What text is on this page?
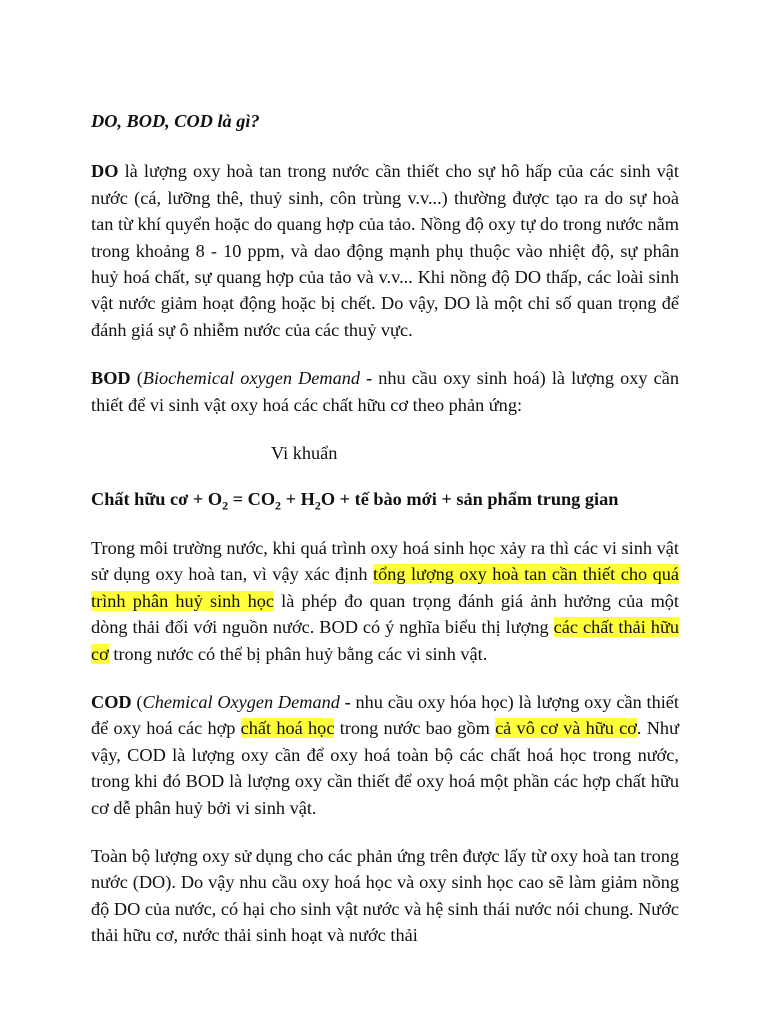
DO, BOD, COD là gì?

DO là lượng oxy hoà tan trong nước cần thiết cho sự hô hấp của các sinh vật nước (cá, lưỡng thê, thuỷ sinh, côn trùng v.v...) thường được tạo ra do sự hoà tan từ khí quyển hoặc do quang hợp của tảo. Nồng độ oxy tự do trong nước nằm trong khoảng 8 - 10 ppm, và dao động mạnh phụ thuộc vào nhiệt độ, sự phân huỷ hoá chất, sự quang hợp của tảo và v.v... Khi nồng độ DO thấp, các loài sinh vật nước giảm hoạt động hoặc bị chết. Do vậy, DO là một chỉ số quan trọng để đánh giá sự ô nhiễm nước của các thuỷ vực.

BOD (Biochemical oxygen Demand - nhu cầu oxy sinh hoá) là lượng oxy cần thiết để vi sinh vật oxy hoá các chất hữu cơ theo phản ứng:

Vi khuẩn

Chất hữu cơ + $O_2 = CO_2 + H_2O$ + tế bào mới + sản phẩm trung gian

Trong môi trường nước, khi quá trình oxy hoá sinh học xảy ra thì các vi sinh vật sử dụng oxy hoà tan, vì vậy xác định tổng lượng oxy hoà tan cần thiết cho quá trình phân huỷ sinh học là phép đo quan trọng đánh giá ảnh hưởng của một dòng thải đối với nguồn nước. BOD có ý nghĩa biểu thị lượng các chất thải hữu cơ trong nước có thể bị phân huỷ bằng các vi sinh vật.

COD (Chemical Oxygen Demand - nhu cầu oxy hóa học) là lượng oxy cần thiết để oxy hoá các hợp chất hoá học trong nước bao gồm cả vô cơ và hữu cơ. Như vậy, COD là lượng oxy cần để oxy hoá toàn bộ các chất hoá học trong nước, trong khi đó BOD là lượng oxy cần thiết để oxy hoá một phần các hợp chất hữu cơ dễ phân huỷ bởi vi sinh vật.

Toàn bộ lượng oxy sử dụng cho các phản ứng trên được lấy từ oxy hoà tan trong nước (DO). Do vậy nhu cầu oxy hoá học và oxy sinh học cao sẽ làm giảm nồng độ DO của nước, có hại cho sinh vật nước và hệ sinh thái nước nói chung. Nước thải hữu cơ, nước thải sinh hoạt và nước thải
